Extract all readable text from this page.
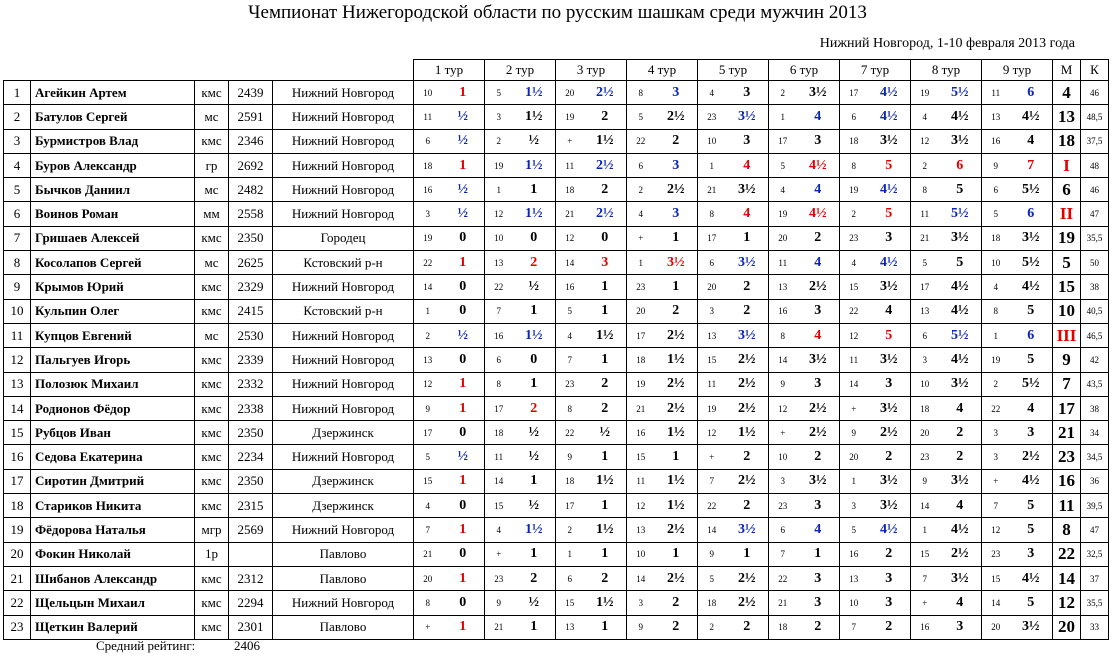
Чемпионат Нижегородской области по русским шашкам среди мужчин 2013
Нижний Новгород, 1-10 февраля 2013 года
					1 тур		2 тур		3 тур		4 тур		5 тур		6 тур		7 тур		8 тур		9 тур		М	К
1	Агейкин Артем	кмс	2439	Нижний Новгород	10	1	5	1½	20	2½	8	3	4	3	2	3½	17	4½	19	5½	11	6	4	46
2	Батулов Сергей	мс	2591	Нижний Новгород	11	½	3	1½	19	2	5	2½	23	3½	1	4	6	4½	4	4½	13	4½	13	48,5
3	Бурмистров Влад	кмс	2346	Нижний Новгород	6	½	2	½	+	1½	22	2	10	3	17	3	18	3½	12	3½	16	4	18	37,5
4	Буров Александр	гр	2692	Нижний Новгород	18	1	19	1½	11	2½	6	3	1	4	5	4½	8	5	2	6	9	7	I	48
5	Бычков Даниил	мс	2482	Нижний Новгород	16	½	1	1	18	2	2	2½	21	3½	4	4	19	4½	8	5	6	5½	6	46
6	Воинов Роман	мм	2558	Нижний Новгород	3	½	12	1½	21	2½	4	3	8	4	19	4½	2	5	11	5½	5	6	II	47
7	Гришаев Алексей	кмс	2350	Городец	19	0	10	0	12	0	+	1	17	1	20	2	23	3	21	3½	18	3½	19	35,5
8	Косолапов Сергей	мс	2625	Кстовский р-н	22	1	13	2	14	3	1	3½	6	3½	11	4	4	4½	5	5	10	5½	5	50
9	Крымов Юрий	кмс	2329	Нижний Новгород	14	0	22	½	16	1	23	1	20	2	13	2½	15	3½	17	4½	4	4½	15	38
10	Кульпин Олег	кмс	2415	Кстовский р-н	1	0	7	1	5	1	20	2	3	2	16	3	22	4	13	4½	8	5	10	40,5
11	Купцов Евгений	мс	2530	Нижний Новгород	2	½	16	1½	4	1½	17	2½	13	3½	8	4	12	5	6	5½	1	6	III	46,5
12	Пальгуев Игорь	кмс	2339	Нижний Новгород	13	0	6	0	7	1	18	1½	15	2½	14	3½	11	3½	3	4½	19	5	9	42
13	Полозюк Михаил	кмс	2332	Нижний Новгород	12	1	8	1	23	2	19	2½	11	2½	9	3	14	3	10	3½	2	5½	7	43,5
14	Родионов Фёдор	кмс	2338	Нижний Новгород	9	1	17	2	8	2	21	2½	19	2½	12	2½	+	3½	18	4	22	4	17	38
15	Рубцов Иван	кмс	2350	Дзержинск	17	0	18	½	22	½	16	1½	12	1½	+	2½	9	2½	20	2	3	3	21	34
16	Седова Екатерина	кмс	2234	Нижний Новгород	5	½	11	½	9	1	15	1	+	2	10	2	20	2	23	2	3	2½	23	34,5
17	Сиротин Дмитрий	кмс	2350	Дзержинск	15	1	14	1	18	1½	11	1½	7	2½	3	3½	1	3½	9	3½	+	4½	16	36
18	Стариков Никита	кмс	2315	Дзержинск	4	0	15	½	17	1	12	1½	22	2	23	3	3	3½	14	4	7	5	11	39,5
19	Фёдорова Наталья	мгр	2569	Нижний Новгород	7	1	4	1½	2	1½	13	2½	14	3½	6	4	5	4½	1	4½	12	5	8	47
20	Фокин Николай	1р		Павлово	21	0	+	1	1	1	10	1	9	1	7	1	16	2	15	2½	23	3	22	32,5
21	Шибанов Александр	кмс	2312	Павлово	20	1	23	2	6	2	14	2½	5	2½	22	3	13	3	7	3½	15	4½	14	37
22	Щельцын Михаил	кмс	2294	Нижний Новгород	8	0	9	½	15	1½	3	2	18	2½	21	3	10	3	+	4	14	5	12	35,5
23	Щеткин Валерий	кмс	2301	Павлово	+	1	21	1	13	1	9	2	2	2	18	2	7	2	16	3	20	3½	20	33
Средний рейтинг:	2406
